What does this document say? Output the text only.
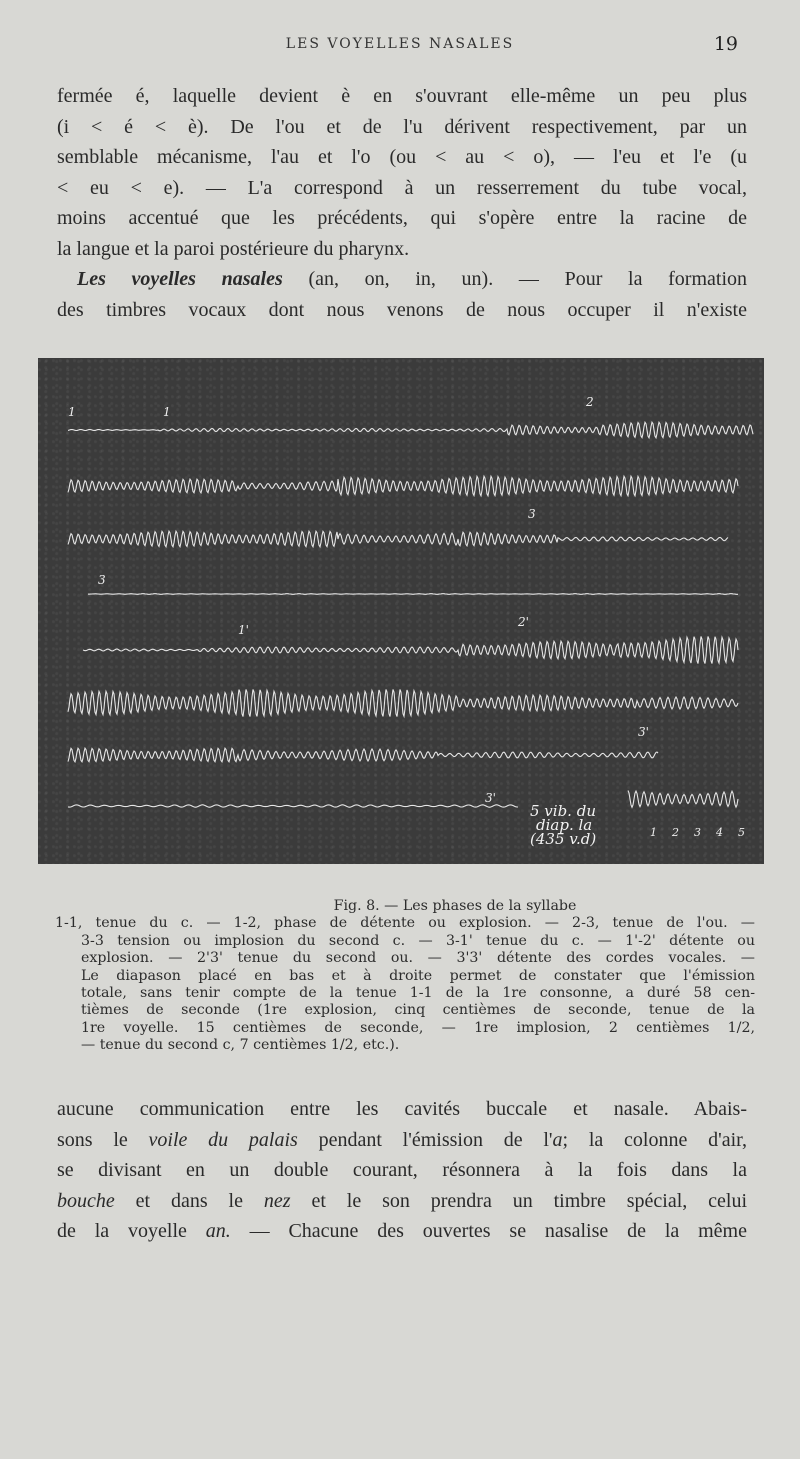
LES VOYELLES NASALES	19
fermée é, laquelle devient è en s'ouvrant elle-même un peu plus
(i < é < è). De l'ou et de l'u dérivent respectivement, par un
semblable mécanisme, l'au et l'o (ou < au < o), — l'eu et l'e (u
< eu < e). — L'a correspond à un resserrement du tube vocal,
moins accentué que les précédents, qui s'opère entre la racine de
la langue et la paroi postérieure du pharynx.
Les voyelles nasales (an, on, in, un). — Pour la formation
des timbres vocaux dont nous venons de nous occuper il n'existe
1	1
2
3
3
1'
2'
3'
3'
5 vib. du
diap. la
(435 v.d)	1 2 3 4 5
Fig. 8. — Les phases de la syllabe
1-1, tenue du c. — 1-2, phase de détente ou explosion. — 2-3, tenue de l'ou. —
3-3 tension ou implosion du second c. — 3-1' tenue du c. — 1'-2' détente ou
explosion. — 2'3' tenue du second ou. — 3'3' détente des cordes vocales. —
Le diapason placé en bas et à droite permet de constater que l'émission
totale, sans tenir compte de la tenue 1-1 de la 1re consonne, a duré 58 cen-
tièmes de seconde (1re explosion, cinq centièmes de seconde, tenue de la
1re voyelle. 15 centièmes de seconde, — 1re implosion, 2 centièmes 1/2,
— tenue du second c, 7 centièmes 1/2, etc.).
aucune communication entre les cavités buccale et nasale. Abais-
sons le voile du palais pendant l'émission de l'a; la colonne d'air,
se divisant en un double courant, résonnera à la fois dans la
bouche et dans le nez et le son prendra un timbre spécial, celui
de la voyelle an. — Chacune des ouvertes se nasalise de la même
